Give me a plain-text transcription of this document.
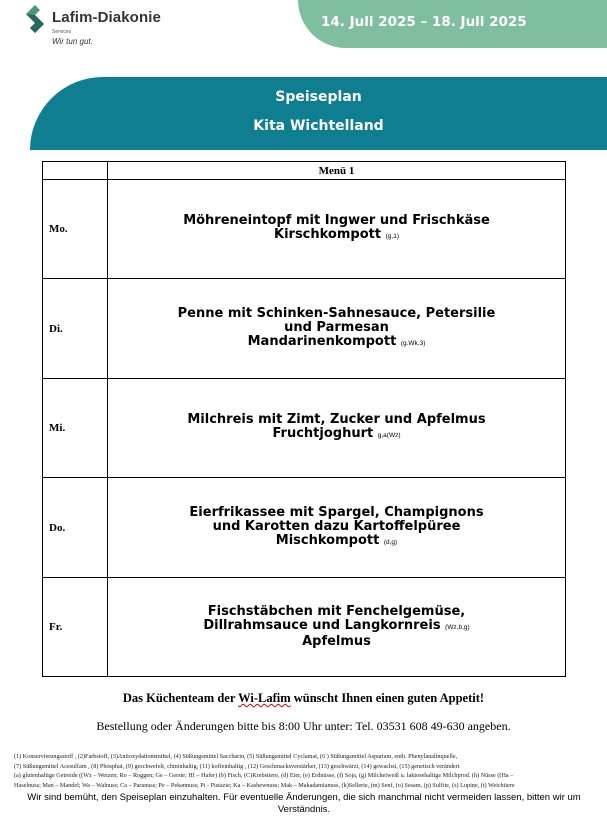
Lafim-Diakonie
Services
Wir tun gut.
14. Juli 2025 – 18. Juli 2025
Speiseplan
Kita Wichtelland
	Menü 1
Mo.	Möhreneintopf mit Ingwer und Frischkäse
Kirschkompott (g,1)

Di.	Penne mit Schinken-Sahnesauce, Petersilie
und Parmesan
Mandarinenkompott (g.Wk,3)

Mi.	Milchreis mit Zimt, Zucker und Apfelmus
Fruchtjoghurt g,a(Wz)

Do.	Eierfrikassee mit Spargel, Champignons
und Karotten dazu Kartoffelpüree
Mischkompott (d,g)

Fr.	Fischstäbchen mit Fenchelgemüse,
Dillrahmsauce und Langkornreis (Wz,b,g)
Apfelmus
Das Küchenteam der Wi-Lafim wünscht Ihnen einen guten Appetit!
Bestellung oder Änderungen bitte bis 8:00 Uhr unter: Tel. 03531 608 49-630 angeben.
(1) Konservierungsstoff , (2)Farbstoff, (3)Antioxydationsmittel, (4) Süßungsmittel Saccharin, (5) Süßungsmittel Cyclamat, (6 ) Süßungsmittel Aspartam, enth. Phenylanalinquelle,
(7) Süßungsmittel Acesulfam , (8) Phosphat, (9) geschwefelt, chininhaltig, (11) koffeinhaltig , (12) Geschmacksverstärker, (13) geschwärzt, (14) gewachst, (15) genetisch verändert
(a) glutenhaltige Getreide ((Wz – Weizen; Ro – Roggen; Ge – Gerste; Hf – Hafer) (b) Fisch, (C)Krebstiere, (d) Eier, (e) Erdnüsse, (f) Soja, (g) Milcheiweiß u. laktosehaltige Milchprod. (h) Nüsse ((Ha –
Haselnuss; Man – Mandel; Wa – Walnuss; Ca – Paranuss; Pe – Pekannuss; Pi - Pistazie; Ka – Kashewnuss; Mak – Makadamianuss, (k)Sellerie, (m) Senf, (o) Sesam, (p) Sulfite, (s) Lupine, (t) Weichtiere
Wir sind bemüht, den Speiseplan einzuhalten. Für eventuelle Änderungen, die sich manchmal nicht vermeiden lassen, bitten wir um Verständnis.
